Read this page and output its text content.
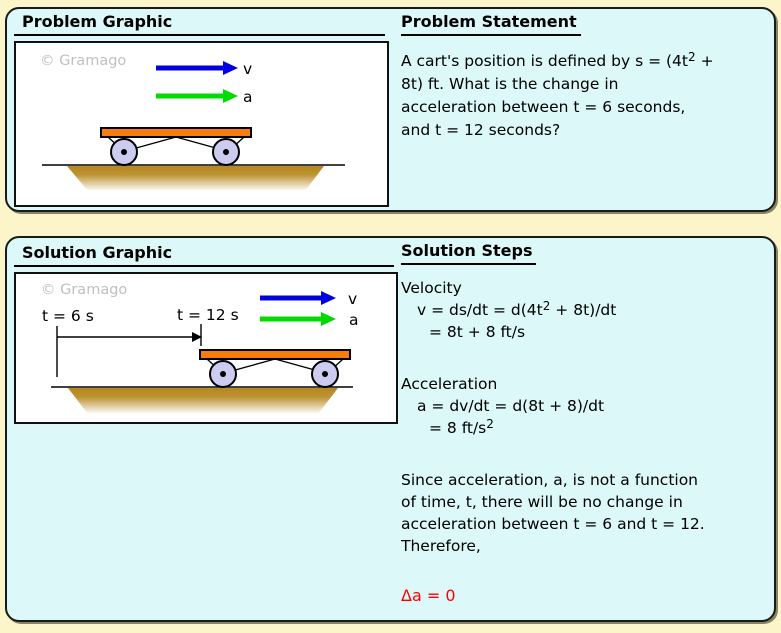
Problem Graphic
© Gramago	v
a
Problem Statement
A cart's position is defined by $s = (4t^2$ +
8t) ft. What is the change in
acceleration between t = 6 seconds,
and t = 12 seconds?
Solution Graphic
© Gramago	v
a
t = 6 s	t = 12 s
Solution Steps
Velocity
$v = ds/dt = d(4t^2 + 8t)/dt$
= 8t + 8 ft/s
Acceleration
a = dv/dt = d(8t + 8)/dt
= 8 $ft/s^2$
Since acceleration, a, is not a function
of time, t, there will be no change in
acceleration between t = 6 and t = 12.
Therefore,
Δa = 0
